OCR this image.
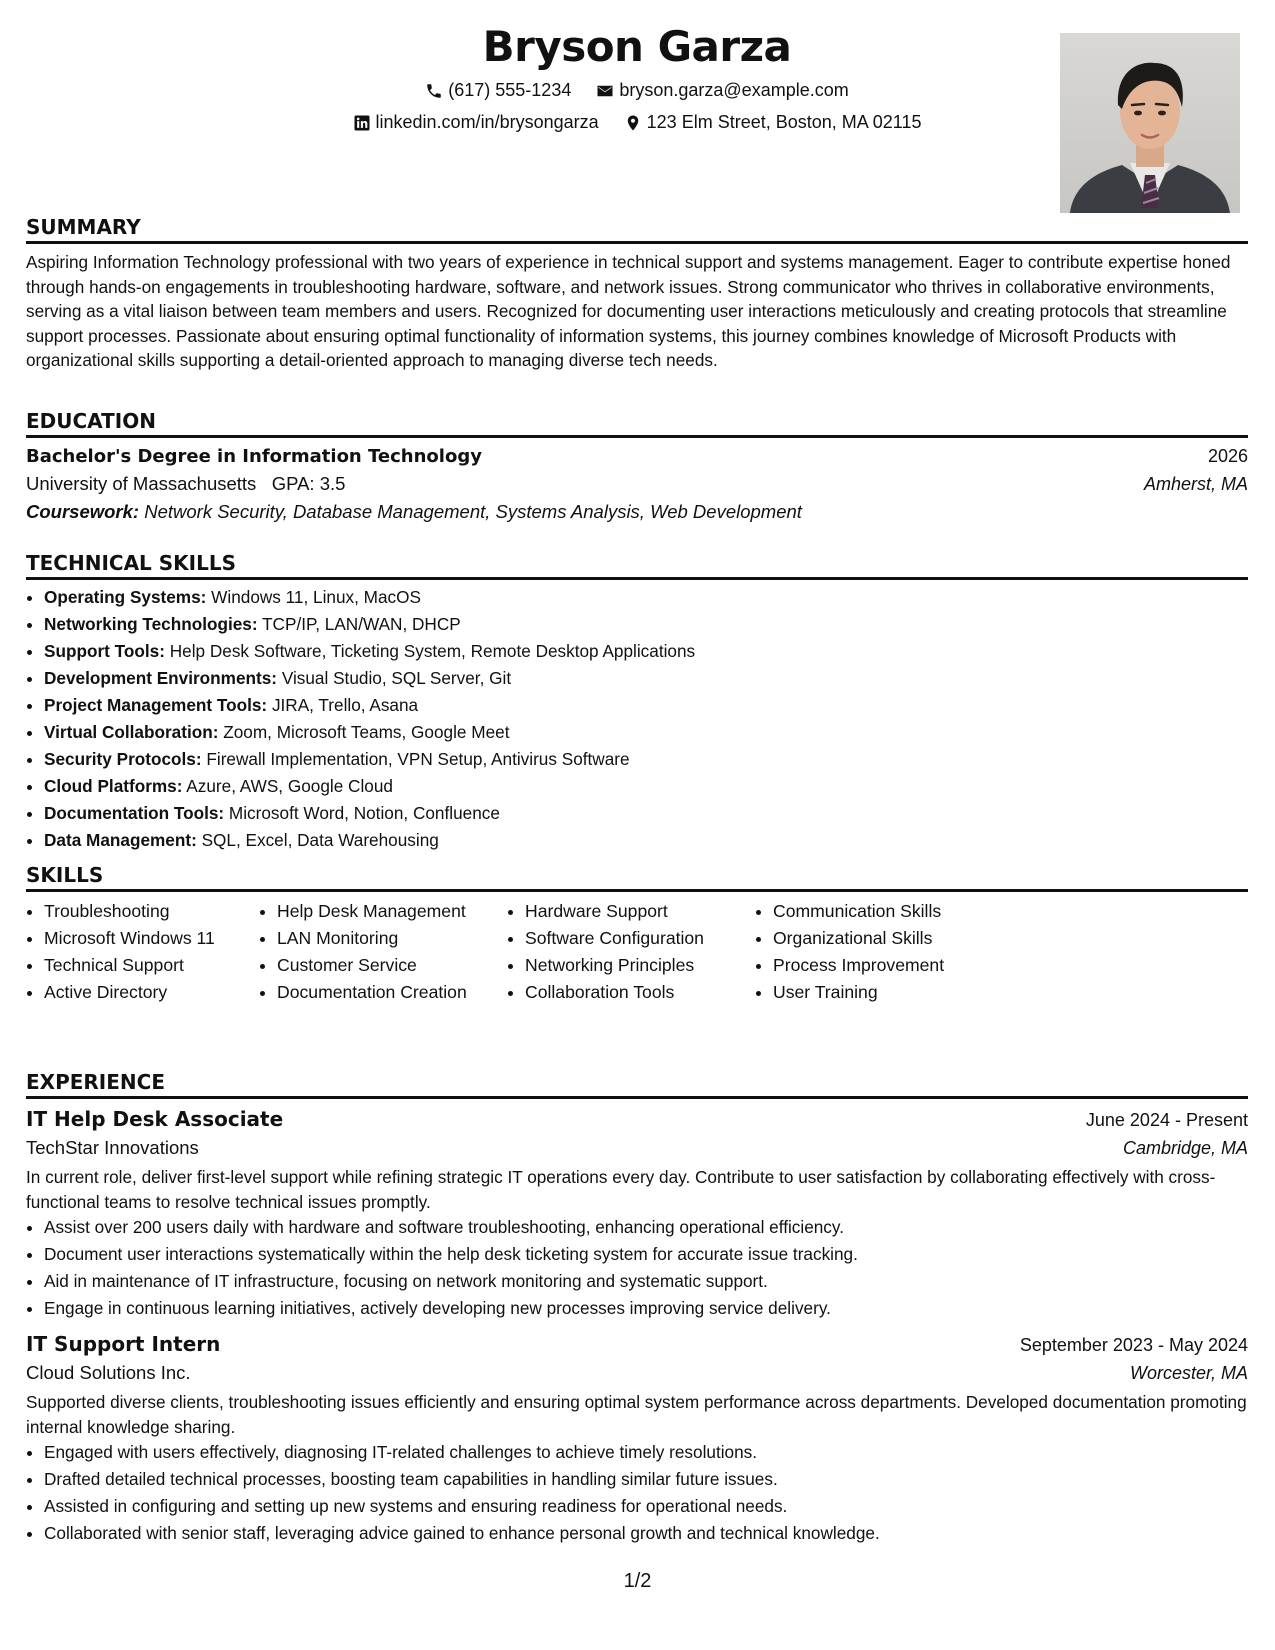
Bryson Garza
(617) 555-1234
	bryson.garza@example.com
linkedin.com/in/brysongarza
	123 Elm Street, Boston, MA 02115
SUMMARY

Aspiring Information Technology professional with two years of experience in technical support and systems management. Eager to contribute expertise honed through hands-on engagements in troubleshooting hardware, software, and network issues. Strong communicator who thrives in collaborative environments, serving as a vital liaison between team members and users. Recognized for documenting user interactions meticulously and creating protocols that streamline support processes. Passionate about ensuring optimal functionality of information systems, this journey combines knowledge of Microsoft Products with organizational skills supporting a detail-oriented approach to managing diverse tech needs.

EDUCATION
Bachelor's Degree in Information Technology	2026
University of Massachusetts GPA: 3.5	Amherst, MA
Coursework: Network Security, Database Management, Systems Analysis, Web Development
TECHNICAL SKILLS
• Operating Systems: Windows 11, Linux, MacOS
• Networking Technologies: TCP/IP, LAN/WAN, DHCP
• Support Tools: Help Desk Software, Ticketing System, Remote Desktop Applications
• Development Environments: Visual Studio, SQL Server, Git
• Project Management Tools: JIRA, Trello, Asana
• Virtual Collaboration: Zoom, Microsoft Teams, Google Meet
• Security Protocols: Firewall Implementation, VPN Setup, Antivirus Software
• Cloud Platforms: Azure, AWS, Google Cloud
• Documentation Tools: Microsoft Word, Notion, Confluence
• Data Management: SQL, Excel, Data Warehousing
SKILLS
• Troubleshooting
• Microsoft Windows 11
• Technical Support
• Active Directory
• Help Desk Management
• LAN Monitoring
• Customer Service
• Documentation Creation
• Hardware Support
• Software Configuration
• Networking Principles
• Collaboration Tools
• Communication Skills
• Organizational Skills
• Process Improvement
• User Training
EXPERIENCE
IT Help Desk Associate	June 2024 - Present
TechStar Innovations	Cambridge, MA

In current role, deliver first-level support while refining strategic IT operations every day. Contribute to user satisfaction by collaborating effectively with cross-functional teams to resolve technical issues promptly.

• Assist over 200 users daily with hardware and software troubleshooting, enhancing operational efficiency.
• Document user interactions systematically within the help desk ticketing system for accurate issue tracking.
• Aid in maintenance of IT infrastructure, focusing on network monitoring and systematic support.
• Engage in continuous learning initiatives, actively developing new processes improving service delivery.
IT Support Intern	September 2023 - May 2024
Cloud Solutions Inc.	Worcester, MA

Supported diverse clients, troubleshooting issues efficiently and ensuring optimal system performance across departments. Developed documentation promoting internal knowledge sharing.

• Engaged with users effectively, diagnosing IT-related challenges to achieve timely resolutions.
• Drafted detailed technical processes, boosting team capabilities in handling similar future issues.
• Assisted in configuring and setting up new systems and ensuring readiness for operational needs.
• Collaborated with senior staff, leveraging advice gained to enhance personal growth and technical knowledge.
1/2
